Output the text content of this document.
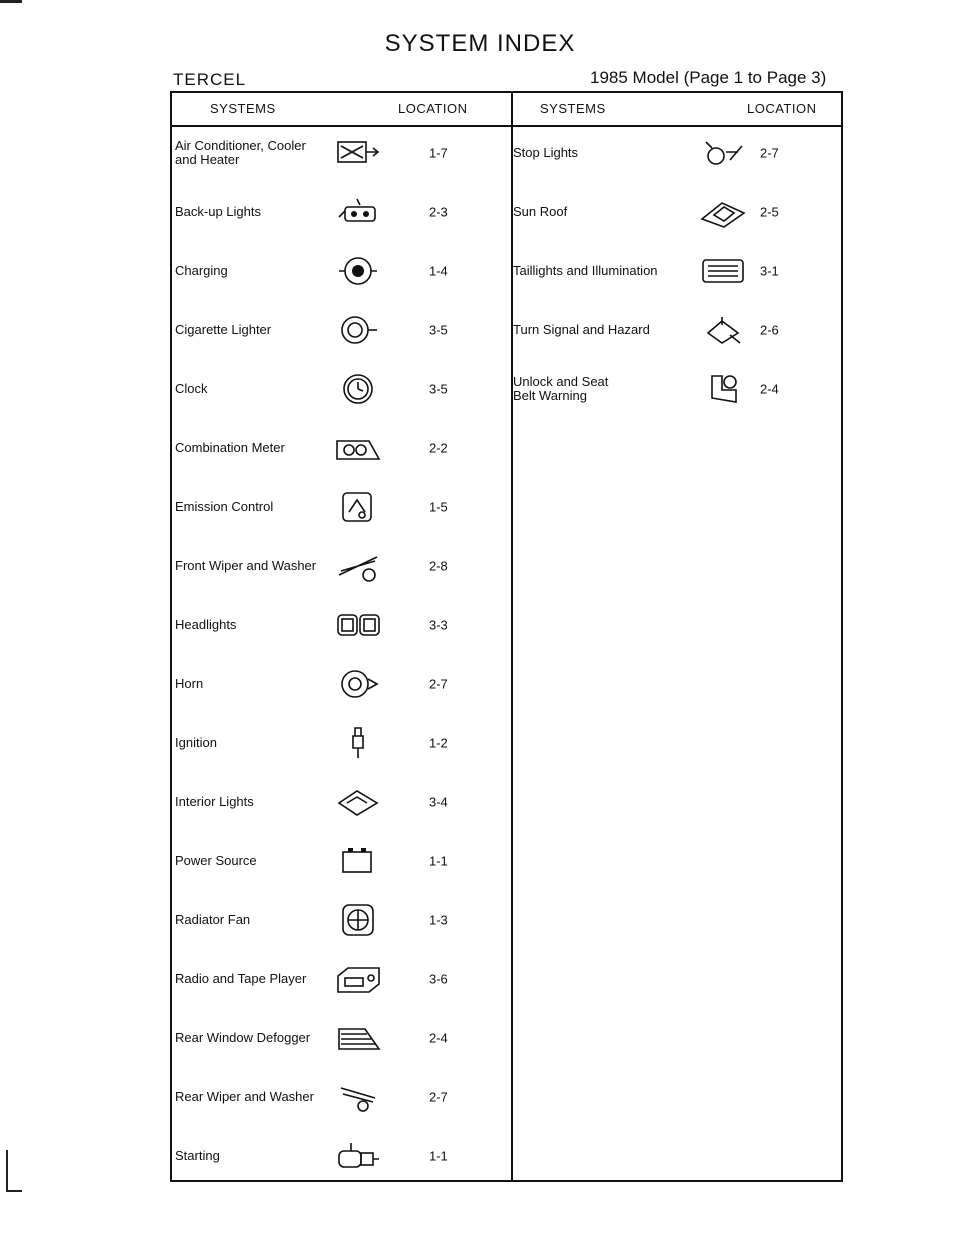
SYSTEM INDEX
TERCEL	1985 Model (Page 1 to Page 3)
SYSTEMS	LOCATION	SYSTEMS	LOCATION
Air Conditioner, Cooler
and Heater	1-7
Back-up Lights	2-3
Charging	1-4
Cigarette Lighter	3-5
Clock	3-5
Combination Meter	2-2
Emission Control	1-5
Front Wiper and Washer	2-8
Headlights	3-3
Horn	2-7
Ignition	1-2
Interior Lights	3-4
Power Source	1-1
Radiator Fan	1-3
Radio and Tape Player	3-6
Rear Window Defogger	2-4
Rear Wiper and Washer	2-7
Starting	1-1
Stop Lights	2-7
Sun Roof	2-5
Taillights and Illumination	3-1
Turn Signal and Hazard	2-6
Unlock and Seat
Belt Warning	2-4
